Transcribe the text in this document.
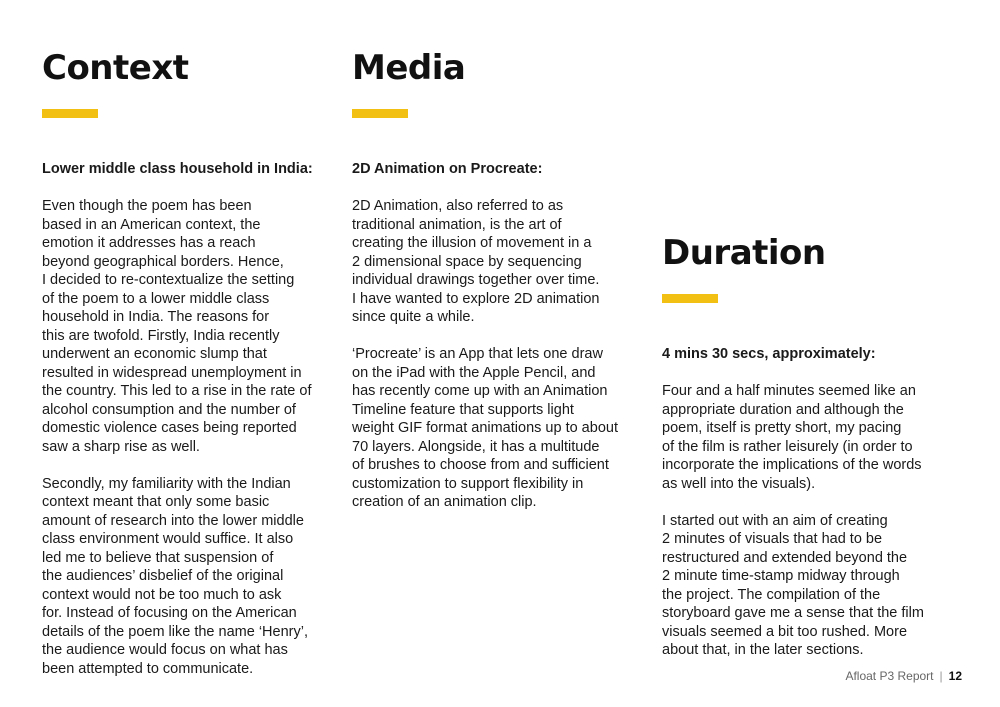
Context

Lower middle class household in India:

Even though the poem has been
based in an American context, the
emotion it addresses has a reach
beyond geographical borders. Hence,
I decided to re-contextualize the setting
of the poem to a lower middle class
household in India. The reasons for
this are twofold. Firstly, India recently
underwent an economic slump that
resulted in widespread unemployment in
the country. This led to a rise in the rate of
alcohol consumption and the number of
domestic violence cases being reported
saw a sharp rise as well.

Secondly, my familiarity with the Indian
context meant that only some basic
amount of research into the lower middle
class environment would suffice. It also
led me to believe that suspension of
the audiences’ disbelief of the original
context would not be too much to ask
for. Instead of focusing on the American
details of the poem like the name ‘Henry’,
the audience would focus on what has
been attempted to communicate.

Media

2D Animation on Procreate:

2D Animation, also referred to as
traditional animation, is the art of
creating the illusion of movement in a
2 dimensional space by sequencing
individual drawings together over time.
I have wanted to explore 2D animation
since quite a while.

‘Procreate’ is an App that lets one draw
on the iPad with the Apple Pencil, and
has recently come up with an Animation
Timeline feature that supports light
weight GIF format animations up to about
70 layers. Alongside, it has a multitude
of brushes to choose from and sufficient
customization to support flexibility in
creation of an animation clip.

Duration

4 mins 30 secs, approximately:

Four and a half minutes seemed like an
appropriate duration and although the
poem, itself is pretty short, my pacing
of the film is rather leisurely (in order to
incorporate the implications of the words
as well into the visuals).

I started out with an aim of creating
2 minutes of visuals that had to be
restructured and extended beyond the
2 minute time-stamp midway through
the project. The compilation of the
storyboard gave me a sense that the film
visuals seemed a bit too rushed. More
about that, in the later sections.

Afloat P3 Report | 12
